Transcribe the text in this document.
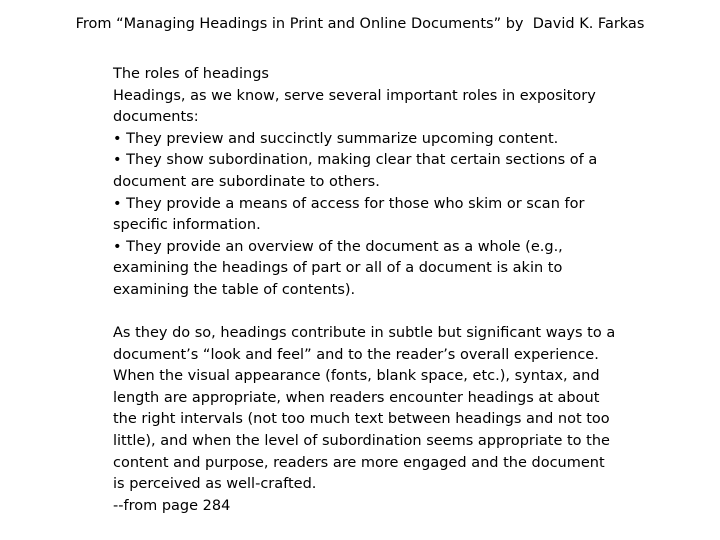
From “Managing Headings in Print and Online Documents” by  David K. Farkas
The roles of headings
Headings, as we know, serve several important roles in expository
documents:
• They preview and succinctly summarize upcoming content.
• They show subordination, making clear that certain sections of a
document are subordinate to others.
• They provide a means of access for those who skim or scan for
specific information.
• They provide an overview of the document as a whole (e.g.,
examining the headings of part or all of a document is akin to
examining the table of contents).
As they do so, headings contribute in subtle but significant ways to a
document’s “look and feel” and to the reader’s overall experience.
When the visual appearance (fonts, blank space, etc.), syntax, and
length are appropriate, when readers encounter headings at about
the right intervals (not too much text between headings and not too
little), and when the level of subordination seems appropriate to the
content and purpose, readers are more engaged and the document
is perceived as well-crafted.
--from page 284
